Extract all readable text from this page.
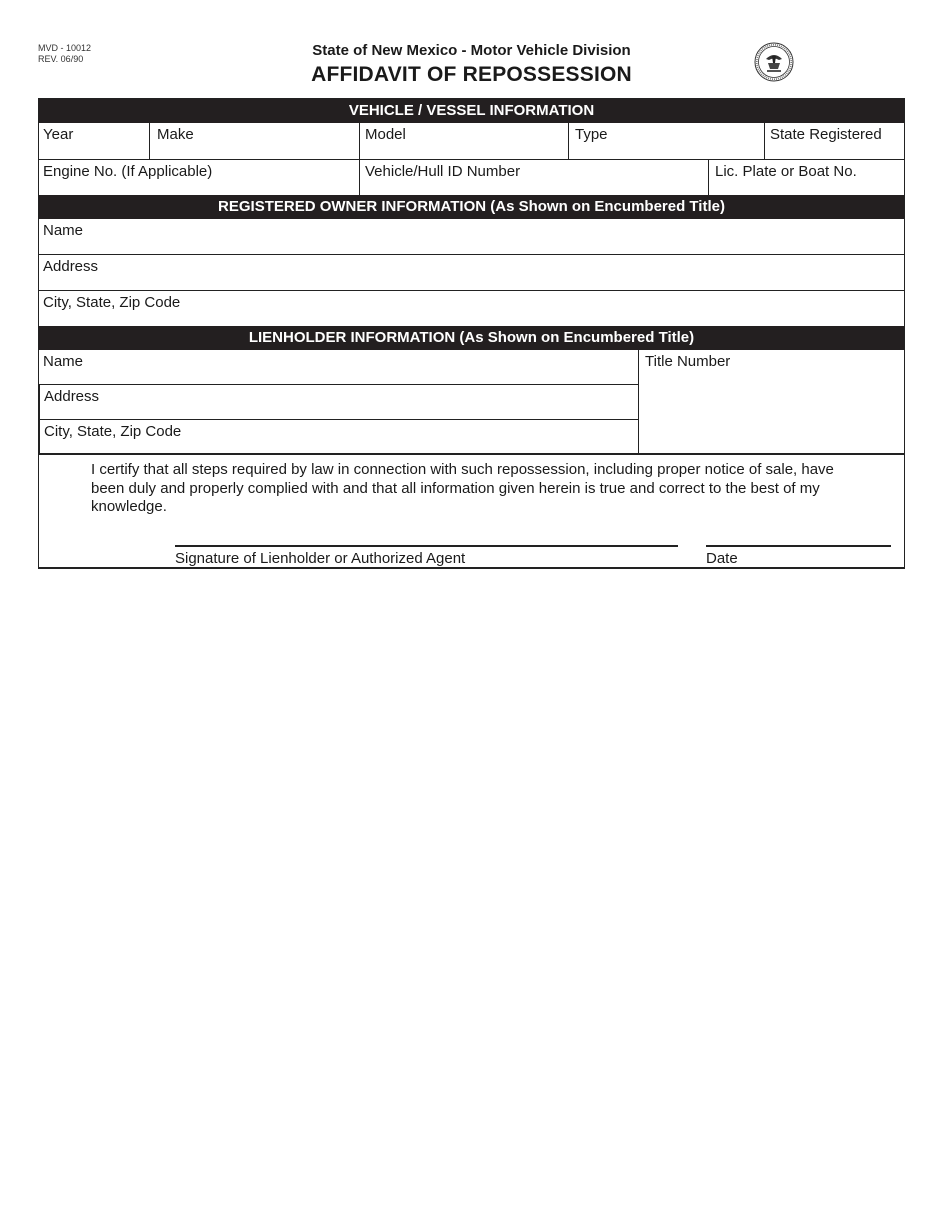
MVD - 10012
REV. 06/90	State of New Mexico - Motor Vehicle Division
AFFIDAVIT OF REPOSSESSION
VEHICLE / VESSEL INFORMATION
Year	Make	Model	Type	State Registered
Engine No. (If Applicable)	Vehicle/Hull ID Number	Lic. Plate or Boat No.
REGISTERED OWNER INFORMATION (As Shown on Encumbered Title)
Name
Address
City, State, Zip Code
LIENHOLDER INFORMATION (As Shown on Encumbered Title)
Name
Address
City, State, Zip Code
Title Number
I certify that all steps required by law in connection with such repossession, including proper notice of sale, have been duly and properly complied with and that all information given herein is true and correct to the best of my knowledge.
Signature of Lienholder or Authorized Agent	Date
